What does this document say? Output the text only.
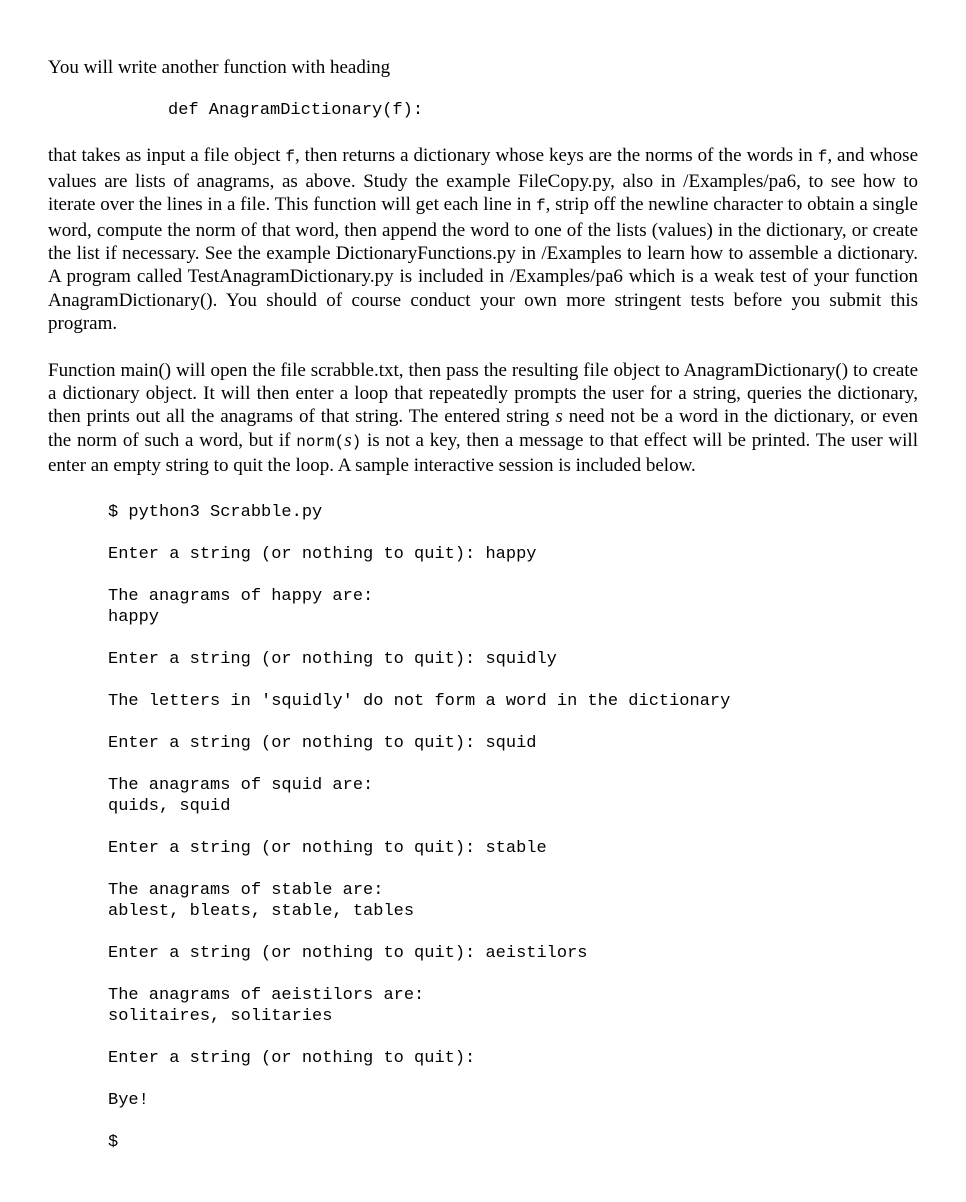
You will write another function with heading

def AnagramDictionary(f):

that takes as input a file object f, then returns a dictionary whose keys are the norms of the words in f, and whose values are lists of anagrams, as above. Study the example FileCopy.py, also in /Examples/pa6, to see how to iterate over the lines in a file. This function will get each line in f, strip off the newline character to obtain a single word, compute the norm of that word, then append the word to one of the lists (values) in the dictionary, or create the list if necessary. See the example DictionaryFunctions.py in /Examples to learn how to assemble a dictionary. A program called TestAnagramDictionary.py is included in /Examples/pa6 which is a weak test of your function AnagramDictionary(). You should of course conduct your own more stringent tests before you submit this program.

Function main() will open the file scrabble.txt, then pass the resulting file object to AnagramDictionary() to create a dictionary object. It will then enter a loop that repeatedly prompts the user for a string, queries the dictionary, then prints out all the anagrams of that string. The entered string s need not be a word in the dictionary, or even the norm of such a word, but if norm(s) is not a key, then a message to that effect will be printed. The user will enter an empty string to quit the loop. A sample interactive session is included below.

$ python3 Scrabble.py
Enter a string (or nothing to quit): happy
The anagrams of happy are:
happy
Enter a string (or nothing to quit): squidly
The letters in 'squidly' do not form a word in the dictionary
Enter a string (or nothing to quit): squid
The anagrams of squid are:
quids, squid
Enter a string (or nothing to quit): stable
The anagrams of stable are:
ablest, bleats, stable, tables
Enter a string (or nothing to quit): aeistilors
The anagrams of aeistilors are:
solitaires, solitaries
Enter a string (or nothing to quit):
Bye!
$
